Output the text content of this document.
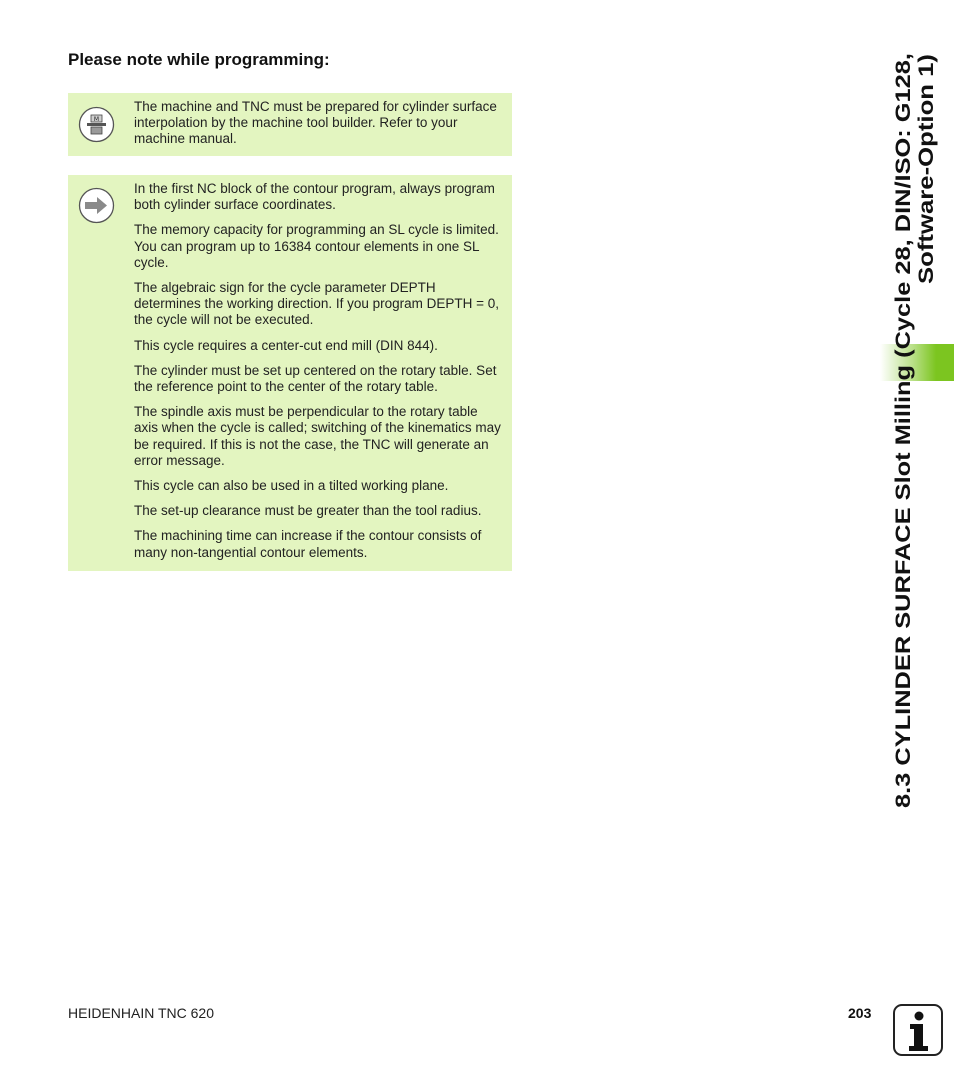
Please note while programming:
M

The machine and TNC must be prepared for cylinder surface interpolation by the machine tool builder. Refer to your machine manual.

In the first NC block of the contour program, always program both cylinder surface coordinates.

The memory capacity for programming an SL cycle is limited. You can program up to 16384 contour elements in one SL cycle.

The algebraic sign for the cycle parameter DEPTH determines the working direction. If you program DEPTH = 0, the cycle will not be executed.

This cycle requires a center-cut end mill (DIN 844).

The cylinder must be set up centered on the rotary table. Set the reference point to the center of the rotary table.

The spindle axis must be perpendicular to the rotary table axis when the cycle is called; switching of the kinematics may be required. If this is not the case, the TNC will generate an error message.

This cycle can also be used in a tilted working plane.

The set-up clearance must be greater than the tool radius.

The machining time can increase if the contour consists of many non-tangential contour elements.	8.3 CYLINDER SURFACE Slot Milling (Cycle 28, DIN/ISO: G128, Software-Option 1)
HEIDENHAIN TNC 620	203
